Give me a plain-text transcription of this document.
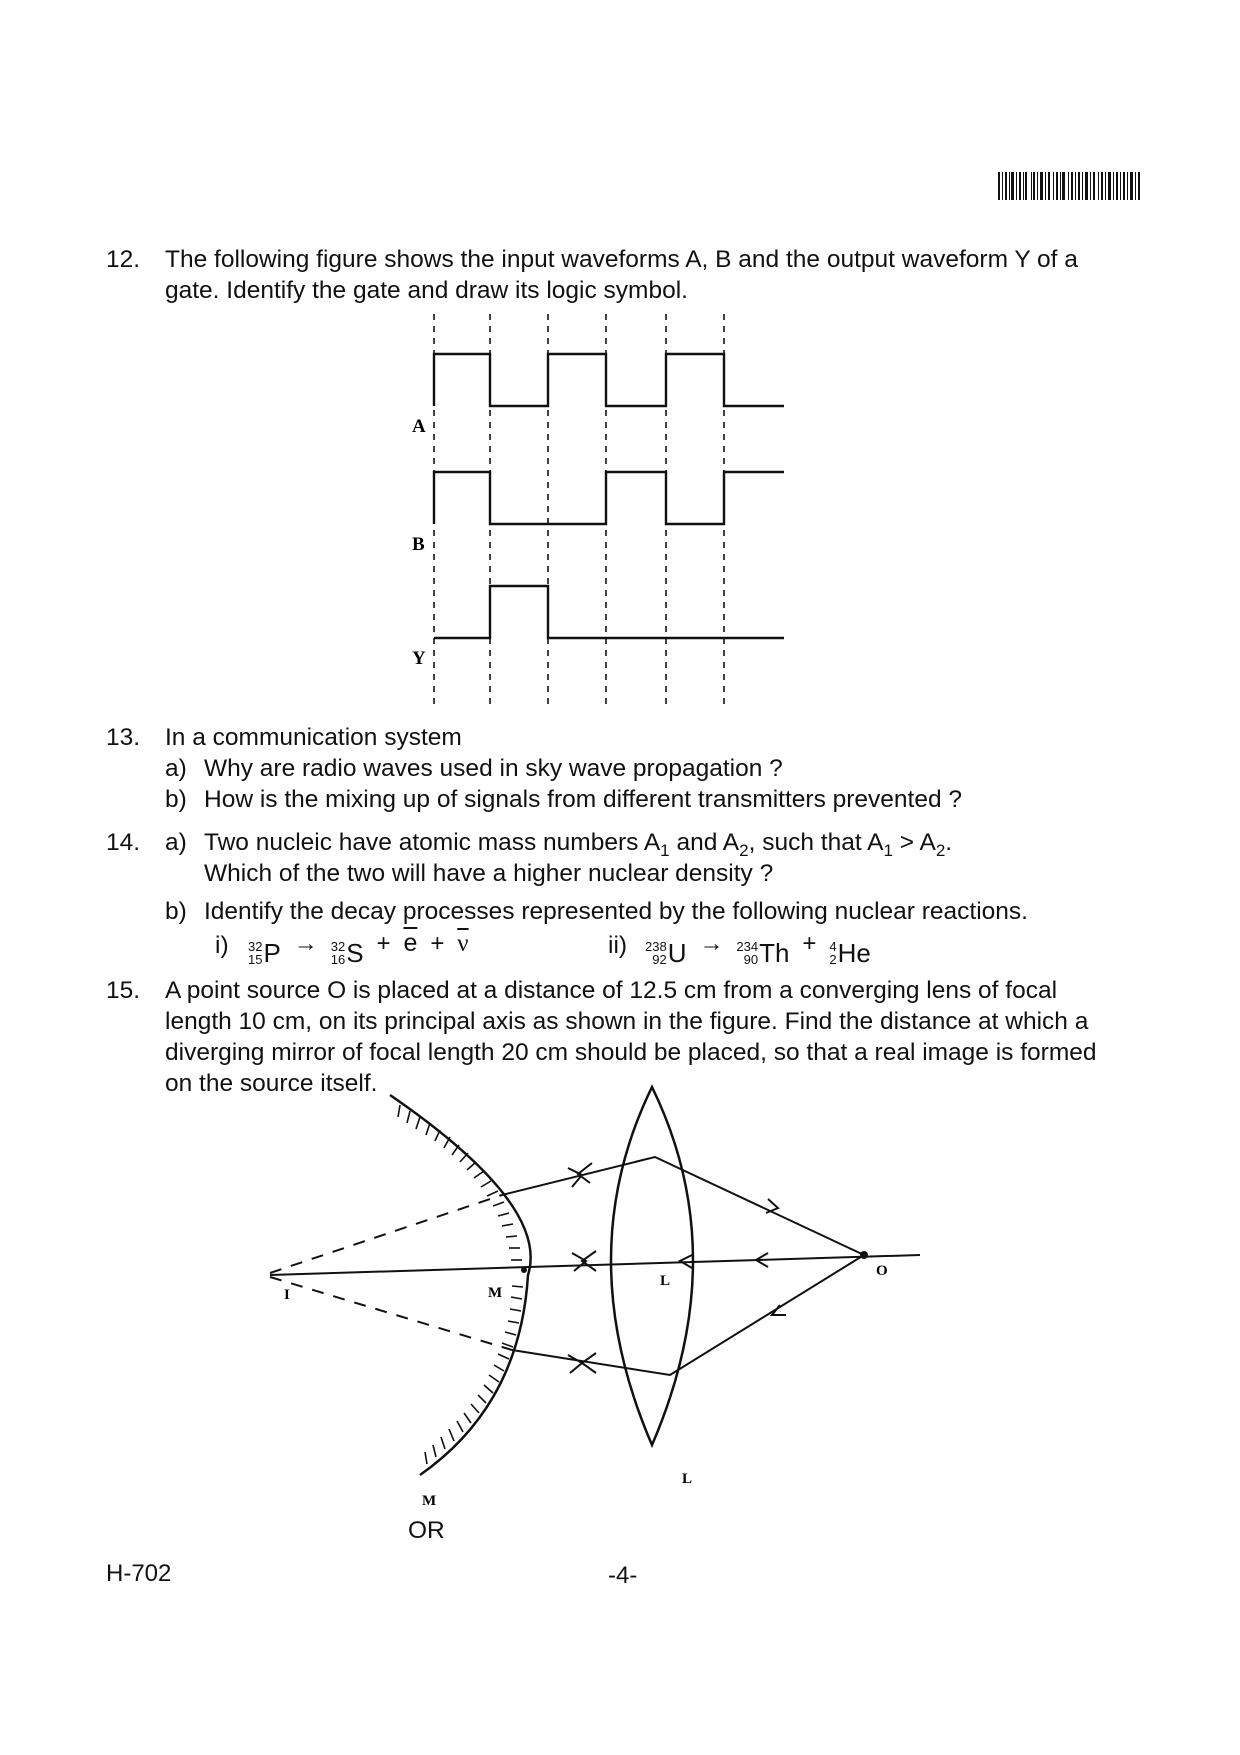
12. The following figure shows the input waveforms A, B and the output waveform Y of a gate. Identify the gate and draw its logic symbol.
A
B
Y
13. In a communication system
a) Why are radio waves used in sky wave propagation ?
b) How is the mixing up of signals from different transmitters prevented ?
14. a) Two nucleic have atomic mass numbers $A_1$ and $A_2$, such that $A_1 > A_2$.
Which of the two will have a higher nuclear density ?
b) Identify the decay processes represented by the following nuclear reactions.
i) 32
15 P → 32
16 $S + \overline{e} + \overline{\nu}$	ii) 238
92 U → 234
90 Th + 4
2 He
15. A point source O is placed at a distance of 12.5 cm from a converging lens of focal length 10 cm, on its principal axis as shown in the figure. Find the distance at which a diverging mirror of focal length 20 cm should be placed, so that a real image is formed on the source itself.
O
L
L
M
M
I
OR
H-702	-4-
